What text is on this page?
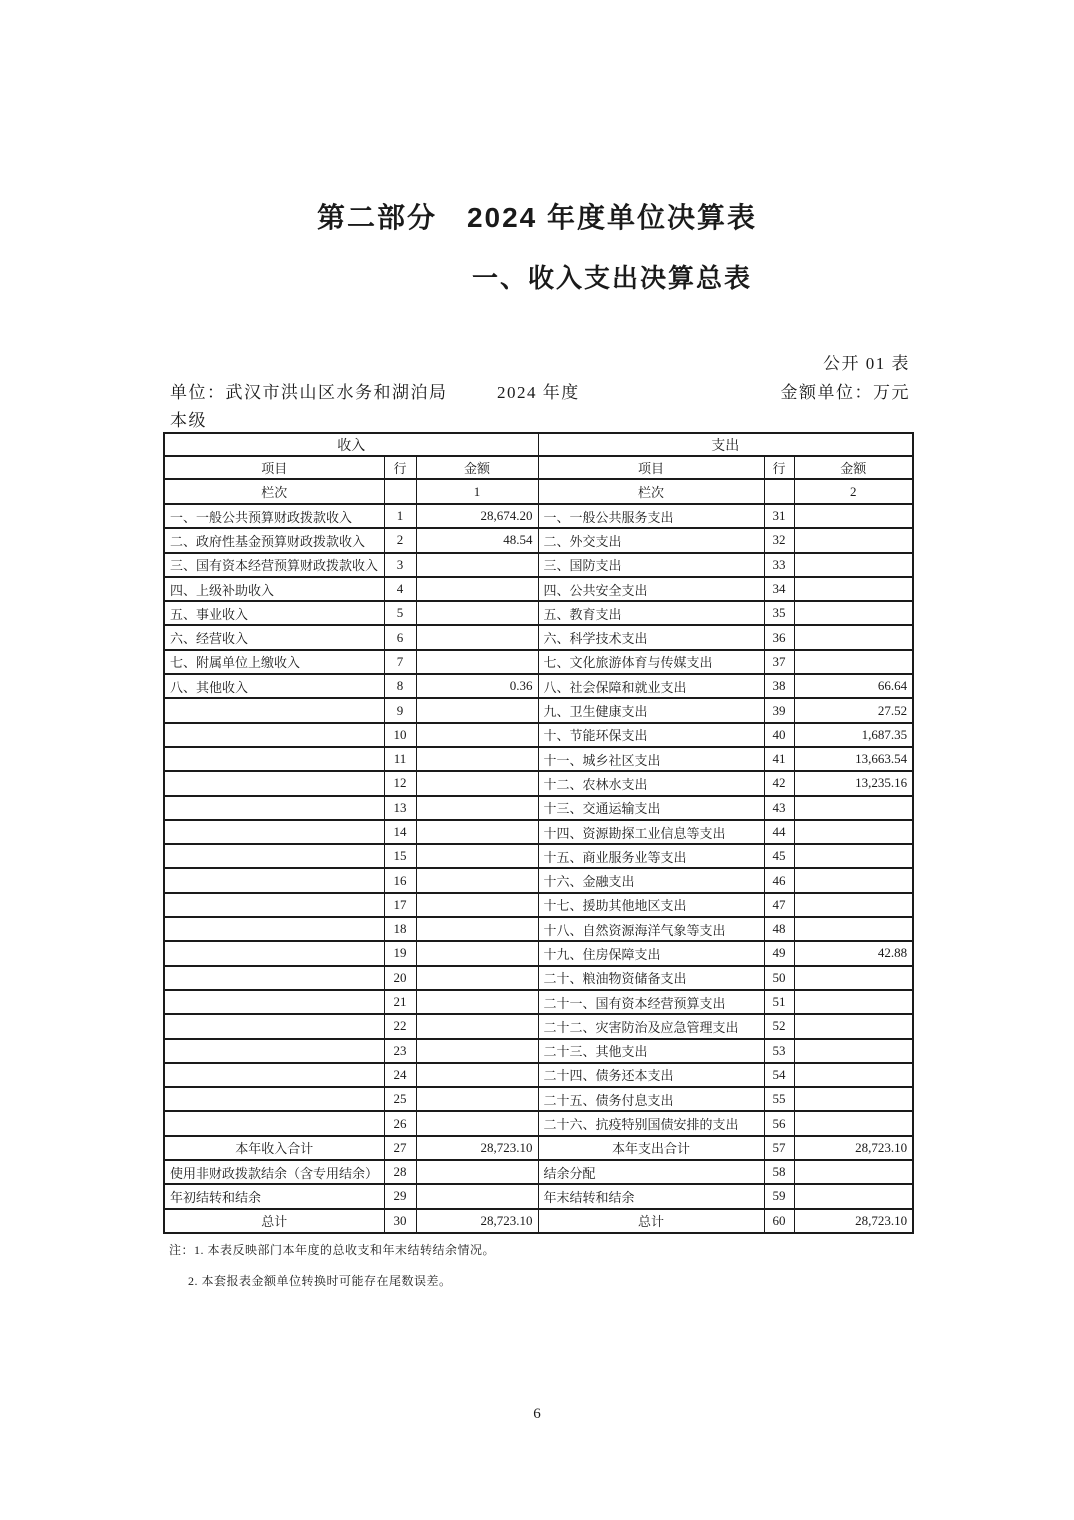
第二部分　2024 年度单位决算表
一、收入支出决算总表
公开 01 表
单位：武汉市洪山区水务和湖泊局	2024 年度	金额单位：万元
本级
收入			支出		
项目	行	金额	项目	行	金额
栏次		1	栏次		2
一、一般公共预算财政拨款收入	1	28,674.20	一、一般公共服务支出	31	
二、政府性基金预算财政拨款收入	2	48.54	二、外交支出	32	
三、国有资本经营预算财政拨款收入	3		三、国防支出	33	
四、上级补助收入	4		四、公共安全支出	34	
五、事业收入	5		五、教育支出	35	
六、经营收入	6		六、科学技术支出	36	
七、附属单位上缴收入	7		七、文化旅游体育与传媒支出	37	
八、其他收入	8	0.36	八、社会保障和就业支出	38	66.64
	9		九、卫生健康支出	39	27.52
	10		十、节能环保支出	40	1,687.35
	11		十一、城乡社区支出	41	13,663.54
	12		十二、农林水支出	42	13,235.16
	13		十三、交通运输支出	43	
	14		十四、资源勘探工业信息等支出	44	
	15		十五、商业服务业等支出	45	
	16		十六、金融支出	46	
	17		十七、援助其他地区支出	47	
	18		十八、自然资源海洋气象等支出	48	
	19		十九、住房保障支出	49	42.88
	20		二十、粮油物资储备支出	50	
	21		二十一、国有资本经营预算支出	51	
	22		二十二、灾害防治及应急管理支出	52	
	23		二十三、其他支出	53	
	24		二十四、债务还本支出	54	
	25		二十五、债务付息支出	55	
	26		二十六、抗疫特别国债安排的支出	56	
本年收入合计	27	28,723.10	本年支出合计	57	28,723.10
使用非财政拨款结余（含专用结余）	28		结余分配	58	
年初结转和结余	29		年末结转和结余	59	
总计	30	28,723.10	总计	60	28,723.10
注：1. 本表反映部门本年度的总收支和年末结转结余情况。
2. 本套报表金额单位转换时可能存在尾数误差。
6
